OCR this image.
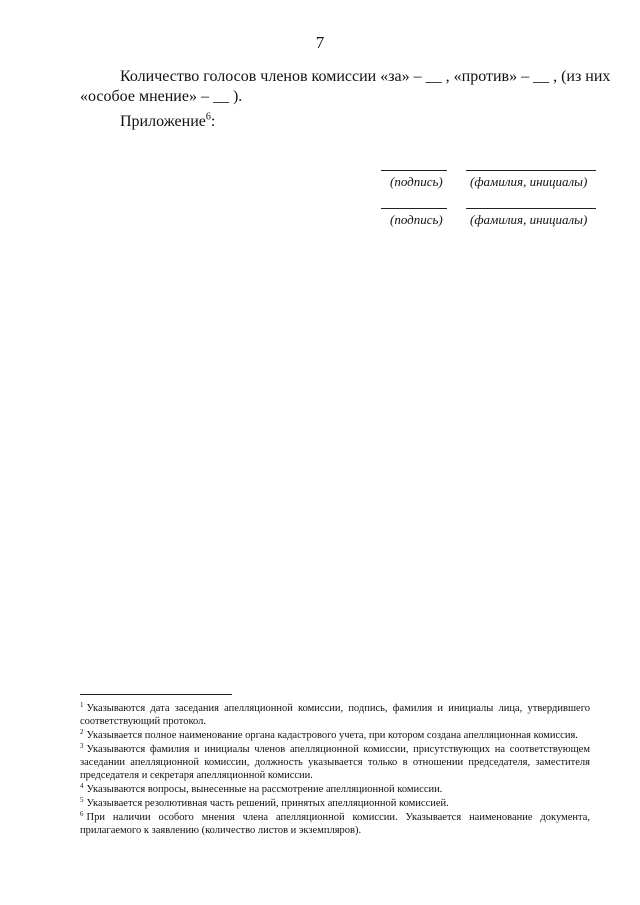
7
Количество голосов членов комиссии «за» – __ , «против» – __ , (из них
«особое мнение» – __ ).
Приложение$^6$:
(подпись) (фамилия, инициалы)
(подпись) (фамилия, инициалы)

$^1$ Указываются дата заседания апелляционной комиссии, подпись, фамилия и инициалы лица, утвердившего соответствующий протокол.

$^2$ Указывается полное наименование органа кадастрового учета, при котором создана апелляционная комиссия.

$^3$ Указываются фамилия и инициалы членов апелляционной комиссии, присутствующих на соответствующем заседании апелляционной комиссии, должность указывается только в отношении председателя, заместителя председателя и секретаря апелляционной комиссии.

$^4$ Указываются вопросы, вынесенные на рассмотрение апелляционной комиссии.

$^5$ Указывается резолютивная часть решений, принятых апелляционной комиссией.

$^6$ При наличии особого мнения члена апелляционной комиссии. Указывается наименование документа, прилагаемого к заявлению (количество листов и экземпляров).
